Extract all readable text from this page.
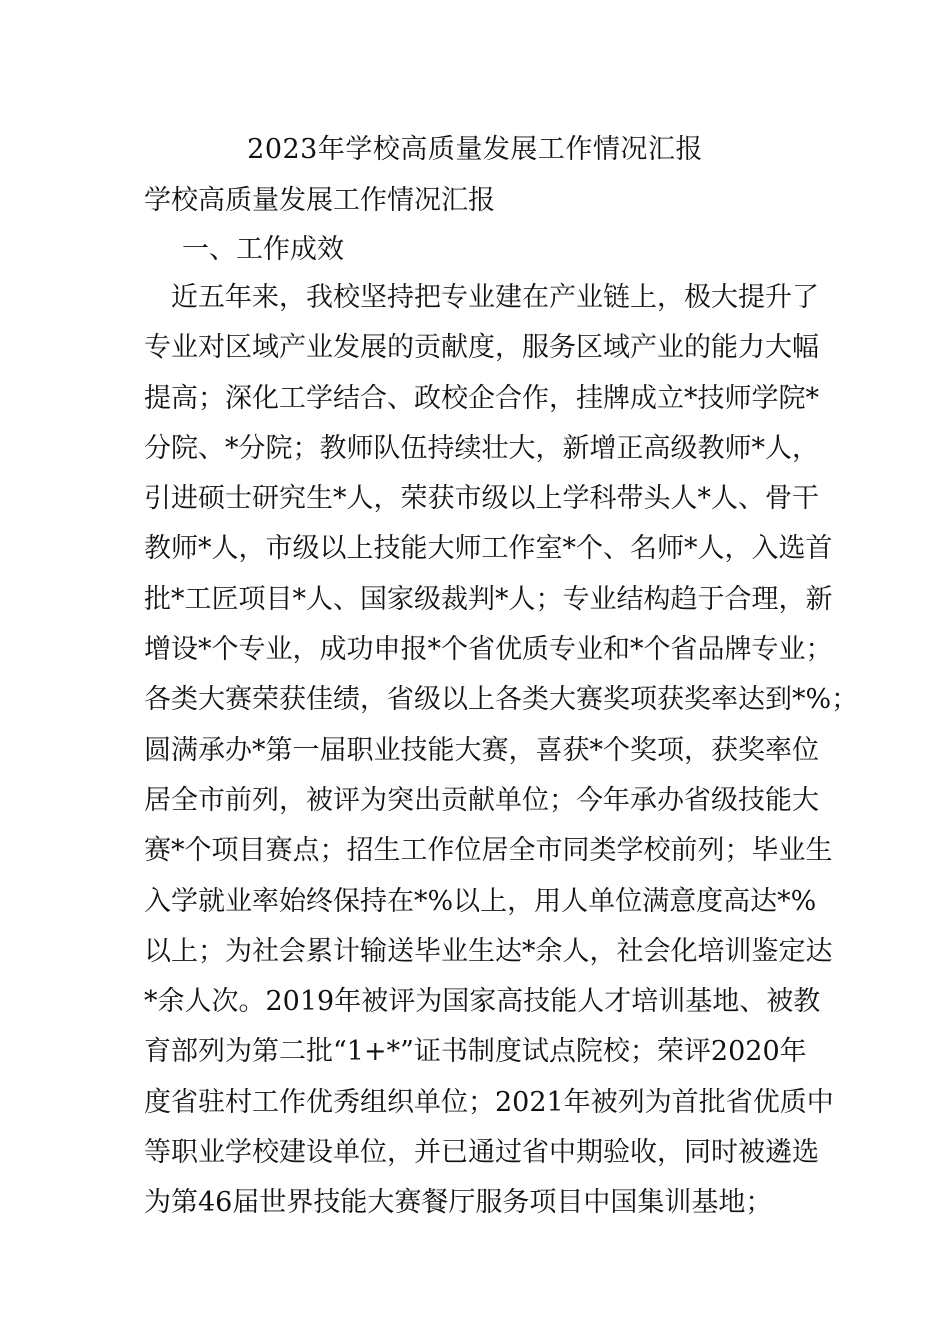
2023年学校高质量发展工作情况汇报
学校高质量发展工作情况汇报
一、工作成效
　近五年来，我校坚持把专业建在产业链上，极大提升了
专业对区域产业发展的贡献度，服务区域产业的能力大幅
提高；深化工学结合、政校企合作，挂牌成立*技师学院*
分院、*分院；教师队伍持续壮大，新增正高级教师*人，
引进硕士研究生*人，荣获市级以上学科带头人*人、骨干
教师*人，市级以上技能大师工作室*个、名师*人，入选首
批*工匠项目*人、国家级裁判*人；专业结构趋于合理，新
增设*个专业，成功申报*个省优质专业和*个省品牌专业；
各类大赛荣获佳绩，省级以上各类大赛奖项获奖率达到*%；
圆满承办*第一届职业技能大赛，喜获*个奖项，获奖率位
居全市前列，被评为突出贡献单位；今年承办省级技能大
赛*个项目赛点；招生工作位居全市同类学校前列；毕业生
入学就业率始终保持在*%以上，用人单位满意度高达*%
以上；为社会累计输送毕业生达*余人，社会化培训鉴定达
*余人次。2019年被评为国家高技能人才培训基地、被教
育部列为第二批“1+*”证书制度试点院校；荣评2020年
度省驻村工作优秀组织单位；2021年被列为首批省优质中
等职业学校建设单位，并已通过省中期验收，同时被遴选
为第46届世界技能大赛餐厅服务项目中国集训基地；
